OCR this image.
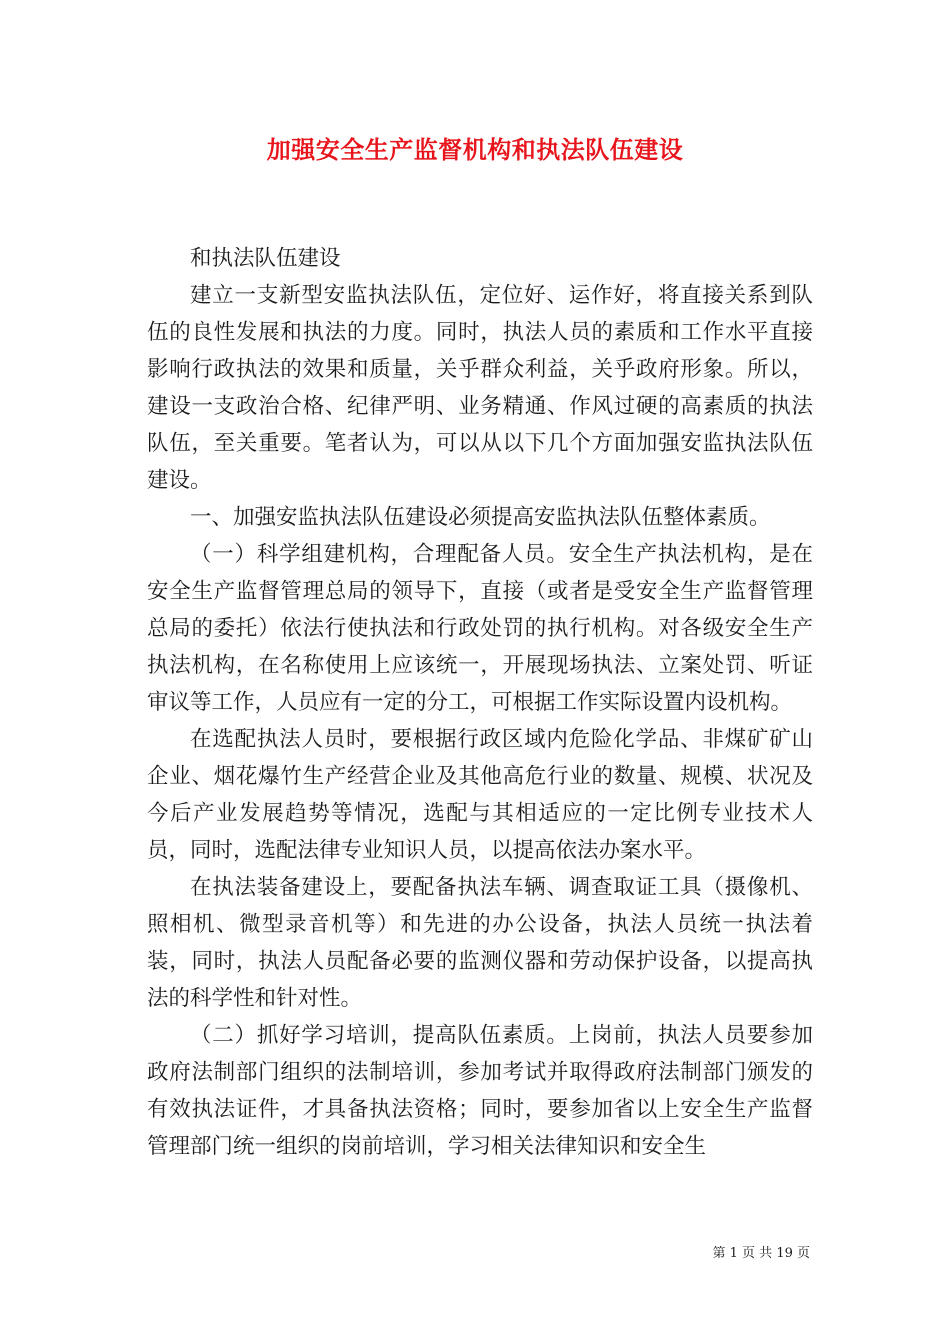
加强安全生产监督机构和执法队伍建设

和执法队伍建设

建立一支新型安监执法队伍，定位好、运作好，将直接关系到队伍的良性发展和执法的力度。同时，执法人员的素质和工作水平直接影响行政执法的效果和质量，关乎群众利益，关乎政府形象。所以，建设一支政治合格、纪律严明、业务精通、作风过硬的高素质的执法队伍，至关重要。笔者认为，可以从以下几个方面加强安监执法队伍建设。

一、加强安监执法队伍建设必须提高安监执法队伍整体素质。

（一）科学组建机构，合理配备人员。安全生产执法机构，是在安全生产监督管理总局的领导下，直接（或者是受安全生产监督管理总局的委托）依法行使执法和行政处罚的执行机构。对各级安全生产执法机构，在名称使用上应该统一，开展现场执法、立案处罚、听证审议等工作，人员应有一定的分工，可根据工作实际设置内设机构。

在选配执法人员时，要根据行政区域内危险化学品、非煤矿矿山企业、烟花爆竹生产经营企业及其他高危行业的数量、规模、状况及今后产业发展趋势等情况，选配与其相适应的一定比例专业技术人员，同时，选配法律专业知识人员，以提高依法办案水平。

在执法装备建设上，要配备执法车辆、调查取证工具（摄像机、照相机、微型录音机等）和先进的办公设备，执法人员统一执法着装，同时，执法人员配备必要的监测仪器和劳动保护设备，以提高执法的科学性和针对性。

（二）抓好学习培训，提高队伍素质。上岗前，执法人员要参加政府法制部门组织的法制培训，参加考试并取得政府法制部门颁发的有效执法证件，才具备执法资格；同时，要参加省以上安全生产监督管理部门统一组织的岗前培训，学习相关法律知识和安全生

第 1 页 共 19 页
